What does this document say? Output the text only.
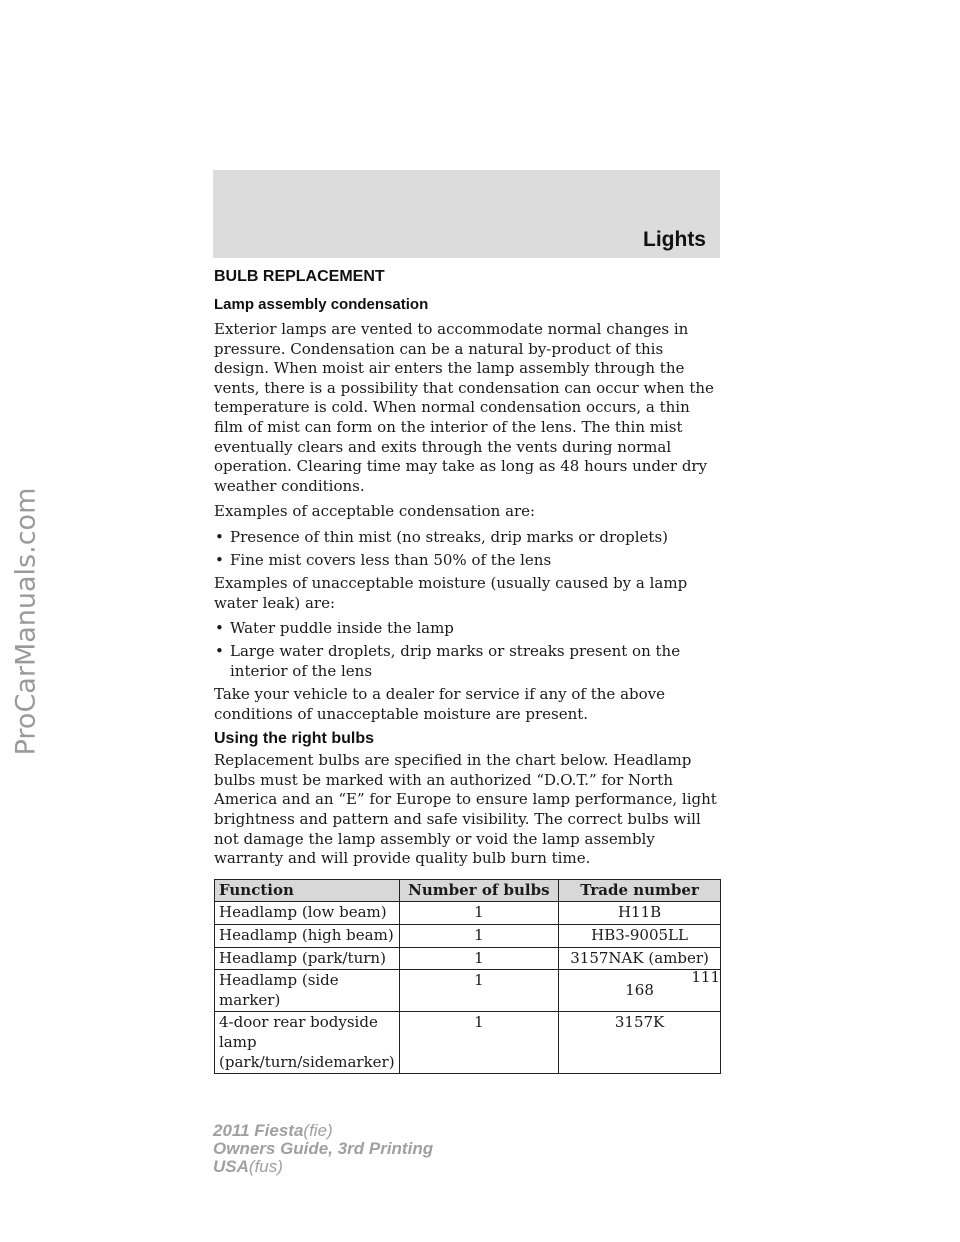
ProCarManuals.com
Lights
BULB REPLACEMENT
Lamp assembly condensation

Exterior lamps are vented to accommodate normal changes in pressure. Condensation can be a natural by-product of this design. When moist air enters the lamp assembly through the vents, there is a possibility that condensation can occur when the temperature is cold. When normal condensation occurs, a thin film of mist can form on the interior of the lens. The thin mist eventually clears and exits through the vents during normal operation. Clearing time may take as long as 48 hours under dry weather conditions.

Examples of acceptable condensation are:

• Presence of thin mist (no streaks, drip marks or droplets)
• Fine mist covers less than 50% of the lens

Examples of unacceptable moisture (usually caused by a lamp water leak) are:

• Water puddle inside the lamp
• Large water droplets, drip marks or streaks present on the interior of the lens

Take your vehicle to a dealer for service if any of the above conditions of unacceptable moisture are present.

Using the right bulbs

Replacement bulbs are specified in the chart below. Headlamp bulbs must be marked with an authorized “D.O.T.” for North America and an “E” for Europe to ensure lamp performance, light brightness and pattern and safe visibility. The correct bulbs will not damage the lamp assembly or void the lamp assembly warranty and will provide quality bulb burn time.

Function	Number of bulbs	Trade number
Headlamp (low beam)	1	H11B
Headlamp (high beam)	1	HB3-9005LL
Headlamp (park/turn)	1	3157NAK (amber)
Headlamp (side marker)	1	168
4-door rear bodyside lamp (park/turn/sidemarker)	1	3157K
111
2011 Fiesta(fie)
Owners Guide, 3rd Printing
USA(fus)
